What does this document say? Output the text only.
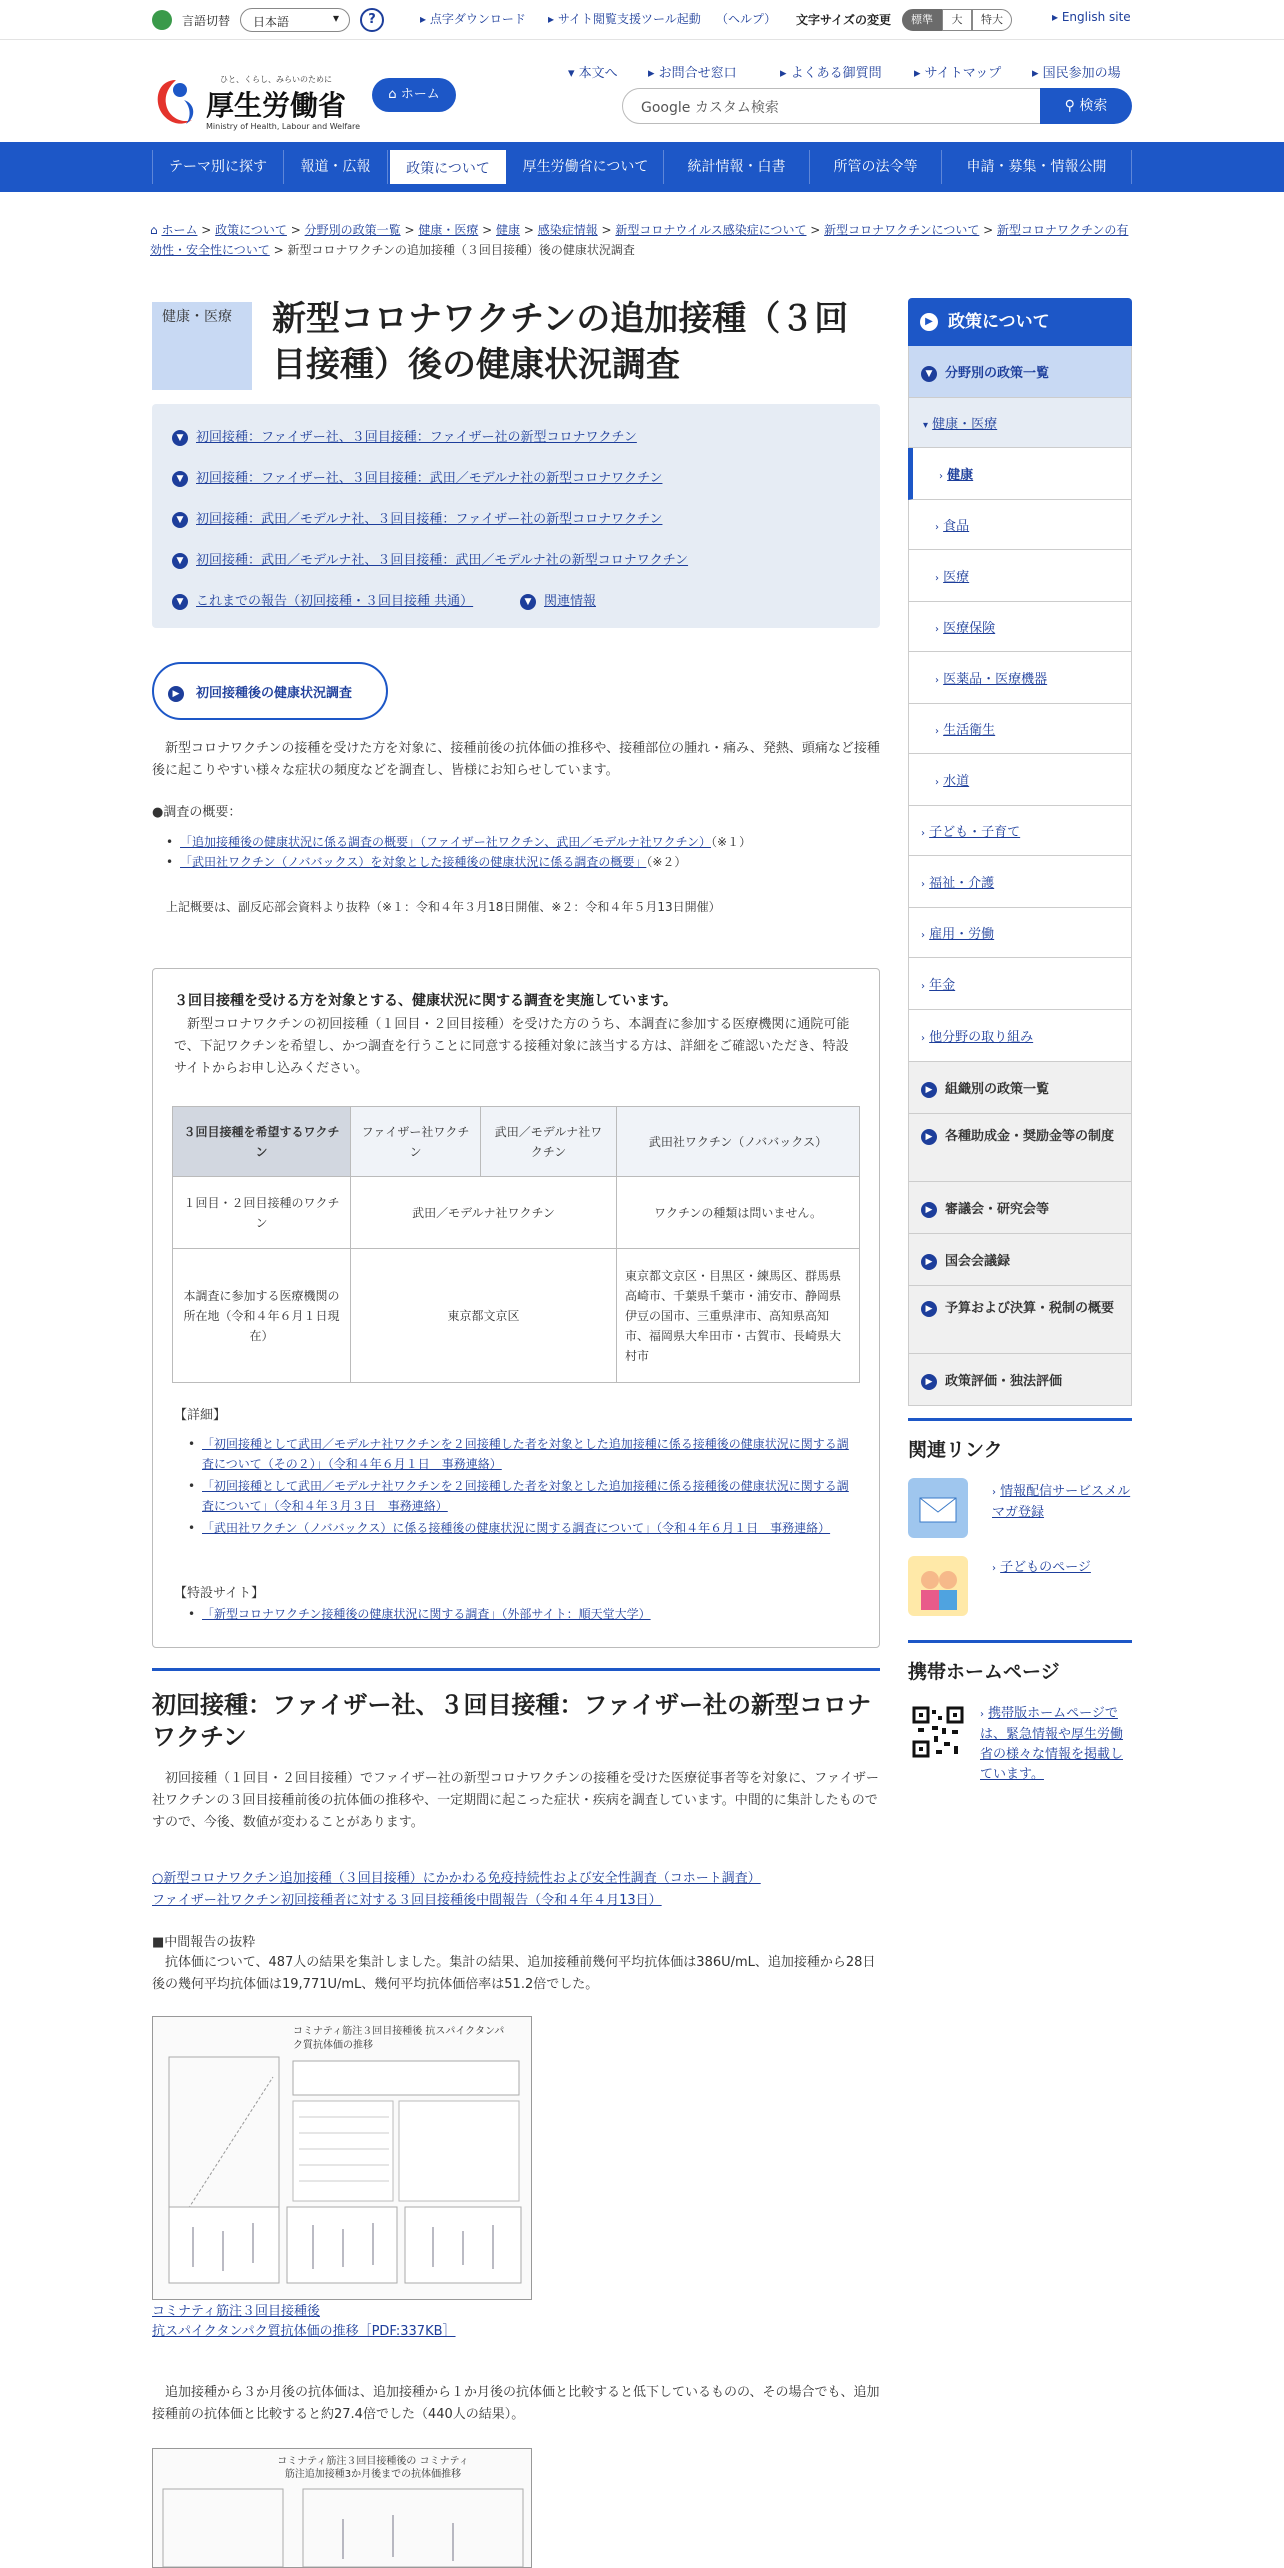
言語切替	日本語	▾	?	▸ 点字ダウンロード ▸ サイト閲覧支援ツール起動 （ヘルプ） 文字サイズの変更	標準	大	特大	▸ English site
ひと、くらし、みらいのために
厚生労働省
Ministry of Health, Labour and Welfare
⌂ ホーム
▾ 本文へ ▸ お問合せ窓口	▸ よくある御質問 ▸ サイトマップ ▸ 国民参加の場
Google カスタム検索	⚲ 検索
テーマ別に探す	報道・広報	政策について	厚生労働省について	統計情報・白書	所管の法令等	申請・募集・情報公開
⌂ ホーム > 政策について > 分野別の政策一覧 > 健康・医療 > 健康 > 感染症情報 > 新型コロナウイルス感染症について > 新型コロナワクチンについて > 新型コロナワクチンの有効性・安全性について > 新型コロナワクチンの追加接種（３回目接種）後の健康状況調査
健康・医療	新型コロナワクチンの追加接種（３回目接種）後の健康状況調査
▼ 初回接種：ファイザー社、３回目接種：ファイザー社の新型コロナワクチン
▼ 初回接種：ファイザー社、３回目接種：武田／モデルナ社の新型コロナワクチン
▼ 初回接種：武田／モデルナ社、３回目接種：ファイザー社の新型コロナワクチン
▼ 初回接種：武田／モデルナ社、３回目接種：武田／モデルナ社の新型コロナワクチン
▼ これまでの報告（初回接種・３回目接種 共通）	▼ 関連情報
▶ 初回接種後の健康状況調査

新型コロナワクチンの接種を受けた方を対象に、接種前後の抗体価の推移や、接種部位の腫れ・痛み、発熱、頭痛など接種後に起こりやすい様々な症状の頻度などを調査し、皆様にお知らせしています。

●調査の概要：

• 「追加接種後の健康状況に係る調査の概要」（ファイザー社ワクチン、武田／モデルナ社ワクチン）（※１）
• 「武田社ワクチン（ノババックス）を対象とした接種後の健康状況に係る調査の概要」（※２）

上記概要は、副反応部会資料より抜粋（※１：令和４年３月18日開催、※２：令和４年５月13日開催）

３回目接種を受ける方を対象とする、健康状況に関する調査を実施しています。

新型コロナワクチンの初回接種（１回目・２回目接種）を受けた方のうち、本調査に参加する医療機関に通院可能で、下記ワクチンを希望し、かつ調査を行うことに同意する接種対象に該当する方は、詳細をご確認いただき、特設サイトからお申し込みください。

３回目接種を希望するワクチン	ファイザー社ワクチン	武田／モデルナ社ワクチン	武田社ワクチン（ノババックス）
１回目・２回目接種のワクチン	武田／モデルナ社ワクチン		ワクチンの種類は問いません。
本調査に参加する医療機関の所在地（令和４年６月１日現在）	東京都文京区		東京都文京区・目黒区・練馬区、群馬県高崎市、千葉県千葉市・浦安市、静岡県伊豆の国市、三重県津市、高知県高知市、福岡県大牟田市・古賀市、長崎県大村市

【詳細】

• 「初回接種として武田／モデルナ社ワクチンを２回接種した者を対象とした追加接種に係る接種後の健康状況に関する調査について（その２）」（令和４年６月１日　事務連絡）
• 「初回接種として武田／モデルナ社ワクチンを２回接種した者を対象とした追加接種に係る接種後の健康状況に関する調査について」（令和４年３月３日　事務連絡）
• 「武田社ワクチン（ノババックス）に係る接種後の健康状況に関する調査について」（令和４年６月１日　事務連絡）

【特設サイト】

• 「新型コロナワクチン接種後の健康状況に関する調査」（外部サイト：順天堂大学）
初回接種：ファイザー社、３回目接種：ファイザー社の新型コロナワクチン

初回接種（１回目・２回目接種）でファイザー社の新型コロナワクチンの接種を受けた医療従事者等を対象に、ファイザー社ワクチンの３回目接種前後の抗体価の推移や、一定期間に起こった症状・疾病を調査しています。中間的に集計したものですので、今後、数値が変わることがあります。

○新型コロナワクチン追加接種（３回目接種）にかかわる免疫持続性および安全性調査（コホート調査）
ファイザー社ワクチン初回接種者に対する３回目接種後中間報告（令和４年４月13日）

■中間報告の抜粋

抗体価について、487人の結果を集計しました。集計の結果、追加接種前幾何平均抗体価は386U/mL、追加接種から28日後の幾何平均抗体価は19,771U/mL、幾何平均抗体価倍率は51.2倍でした。

コミナティ筋注３回目接種後 抗スパイクタンパク質抗体価の推移
コミナティ筋注３回目接種後
抗スパイクタンパク質抗体価の推移［PDF:337KB］

追加接種から３か月後の抗体価は、追加接種から１か月後の抗体価と比較すると低下しているものの、その場合でも、追加接種前の抗体価と比較すると約27.4倍でした（440人の結果）。

コミナティ筋注３回目接種後の コミナティ筋注追加接種3か月後までの抗体価推移
▶ 政策について
▼ 分野別の政策一覧
▾ 健康・医療
› 健康
› 食品
› 医療
› 医療保険
› 医薬品・医療機器
› 生活衛生
› 水道
› 子ども・子育て
› 福祉・介護
› 雇用・労働
› 年金
› 他分野の取り組み
▶ 組織別の政策一覧
▶ 各種助成金・奨励金等の制度
▶ 審議会・研究会等
▶ 国会会議録
▶ 予算および決算・税制の概要
▶ 政策評価・独法評価
関連リンク
› 情報配信サービスメルマガ登録
› 子どものページ
携帯ホームページ
› 携帯版ホームページでは、緊急情報や厚生労働省の様々な情報を掲載しています。
